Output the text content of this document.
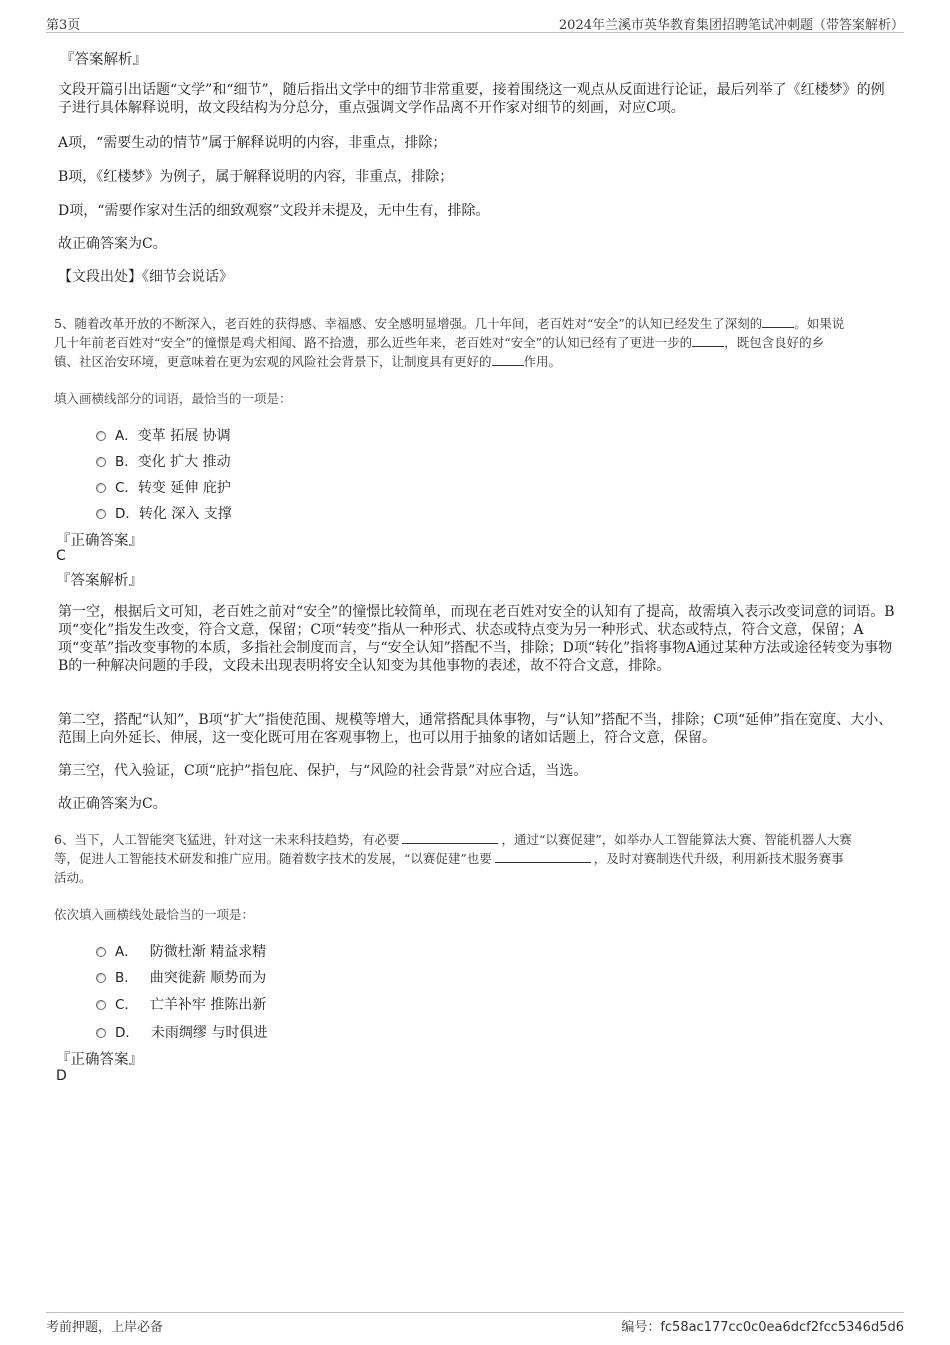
第3页	2024年兰溪市英华教育集团招聘笔试冲刺题（带答案解析）
『答案解析』
文段开篇引出话题“文学”和“细节”，随后指出文学中的细节非常重要，接着围绕这一观点从反面进行论证，最后列举了《红楼梦》的例子进行具体解释说明，故文段结构为分总分，重点强调文学作品离不开作家对细节的刻画，对应C项。
A项，“需要生动的情节”属于解释说明的内容，非重点，排除；
B项，《红楼梦》为例子，属于解释说明的内容，非重点，排除；
D项，“需要作家对生活的细致观察”文段并未提及，无中生有，排除。
故正确答案为C。
【文段出处】《细节会说话》
5、随着改革开放的不断深入，老百姓的获得感、幸福感、安全感明显增强。几十年间，老百姓对“安全”的认知已经发生了深刻的	。如果说
几十年前老百姓对“安全”的憧憬是鸡犬相闻、路不拾遗，那么近些年来，老百姓对“安全”的认知已经有了更进一步的	，既包含良好的乡
镇、社区治安环境，更意味着在更为宏观的风险社会背景下，让制度具有更好的	作用。
填入画横线部分的词语，最恰当的一项是：
A．变革 拓展 协调
B．变化 扩大 推动
C．转变 延伸 庇护
D．转化 深入 支撑
『正确答案』
C
『答案解析』
第一空，根据后文可知，老百姓之前对“安全”的憧憬比较简单，而现在老百姓对安全的认知有了提高，故需填入表示改变词意的词语。B项“变化”指发生改变，符合文意，保留；C项“转变”指从一种形式、状态或特点变为另一种形式、状态或特点，符合文意，保留；A项“变革”指改变事物的本质，多指社会制度而言，与“安全认知”搭配不当，排除；D项“转化”指将事物A通过某种方法或途径转变为事物B的一种解决问题的手段，文段未出现表明将安全认知变为其他事物的表述，故不符合文意，排除。
第二空，搭配“认知”，B项“扩大”指使范围、规模等增大，通常搭配具体事物，与“认知”搭配不当，排除；C项“延伸”指在宽度、大小、范围上向外延长、伸展，这一变化既可用在客观事物上，也可以用于抽象的诸如话题上，符合文意，保留。
第三空，代入验证，C项“庇护”指包庇、保护，与“风险的社会背景”对应合适，当选。
故正确答案为C。
6、当下，人工智能突飞猛进，针对这一未来科技趋势，有必要	，通过“以赛促建”，如举办人工智能算法大赛、智能机器人大赛
等，促进人工智能技术研发和推广应用。随着数字技术的发展，“以赛促建”也要	，及时对赛制迭代升级，利用新技术服务赛事
活动。
依次填入画横线处最恰当的一项是：
A． 防微杜渐 精益求精
B． 曲突徙薪 顺势而为
C． 亡羊补牢 推陈出新
D． 未雨绸缪 与时俱进
『正确答案』
D
考前押题，上岸必备	编号：fc58ac177cc0c0ea6dcf2fcc5346d5d6
